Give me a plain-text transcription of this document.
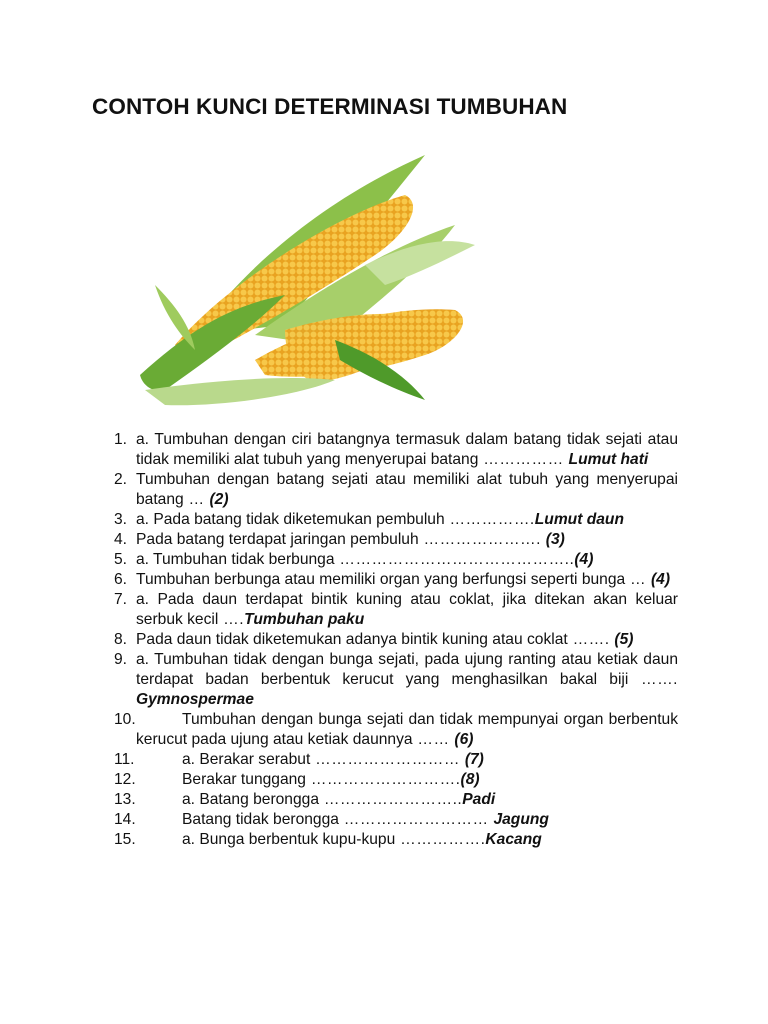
CONTOH KUNCI DETERMINASI TUMBUHAN
1. a. Tumbuhan dengan ciri batangnya termasuk dalam batang tidak sejati atau tidak memiliki alat tubuh yang menyerupai batang …………… Lumut hati
2. Tumbuhan dengan batang sejati atau memiliki alat tubuh yang menyerupai batang … (2)
3. a. Pada batang tidak diketemukan pembuluh …………….Lumut daun
4. Pada batang terdapat jaringan pembuluh …………………. (3)
5. a. Tumbuhan tidak berbunga ……………………………………..(4)
6. Tumbuhan berbunga atau memiliki organ yang berfungsi seperti bunga … (4)
7. a. Pada daun terdapat bintik kuning atau coklat, jika ditekan akan keluar serbuk kecil ….Tumbuhan paku
8. Pada daun tidak diketemukan adanya bintik kuning atau coklat ……. (5)
9. a. Tumbuhan tidak dengan bunga sejati, pada ujung ranting atau ketiak daun terdapat badan berbentuk kerucut yang menghasilkan bakal biji ……. Gymnospermae
10.	Tumbuhan dengan bunga sejati dan tidak mempunyai organ berbentuk kerucut pada ujung atau ketiak daunnya …… (6)
11.	a. Berakar serabut ……………………… (7)
12.	Berakar tunggang ……………………….(8)
13.	a. Batang berongga ……………………..Padi
14.	Batang tidak berongga ……………………… Jagung
15.	a. Bunga berbentuk kupu-kupu …………….Kacang
